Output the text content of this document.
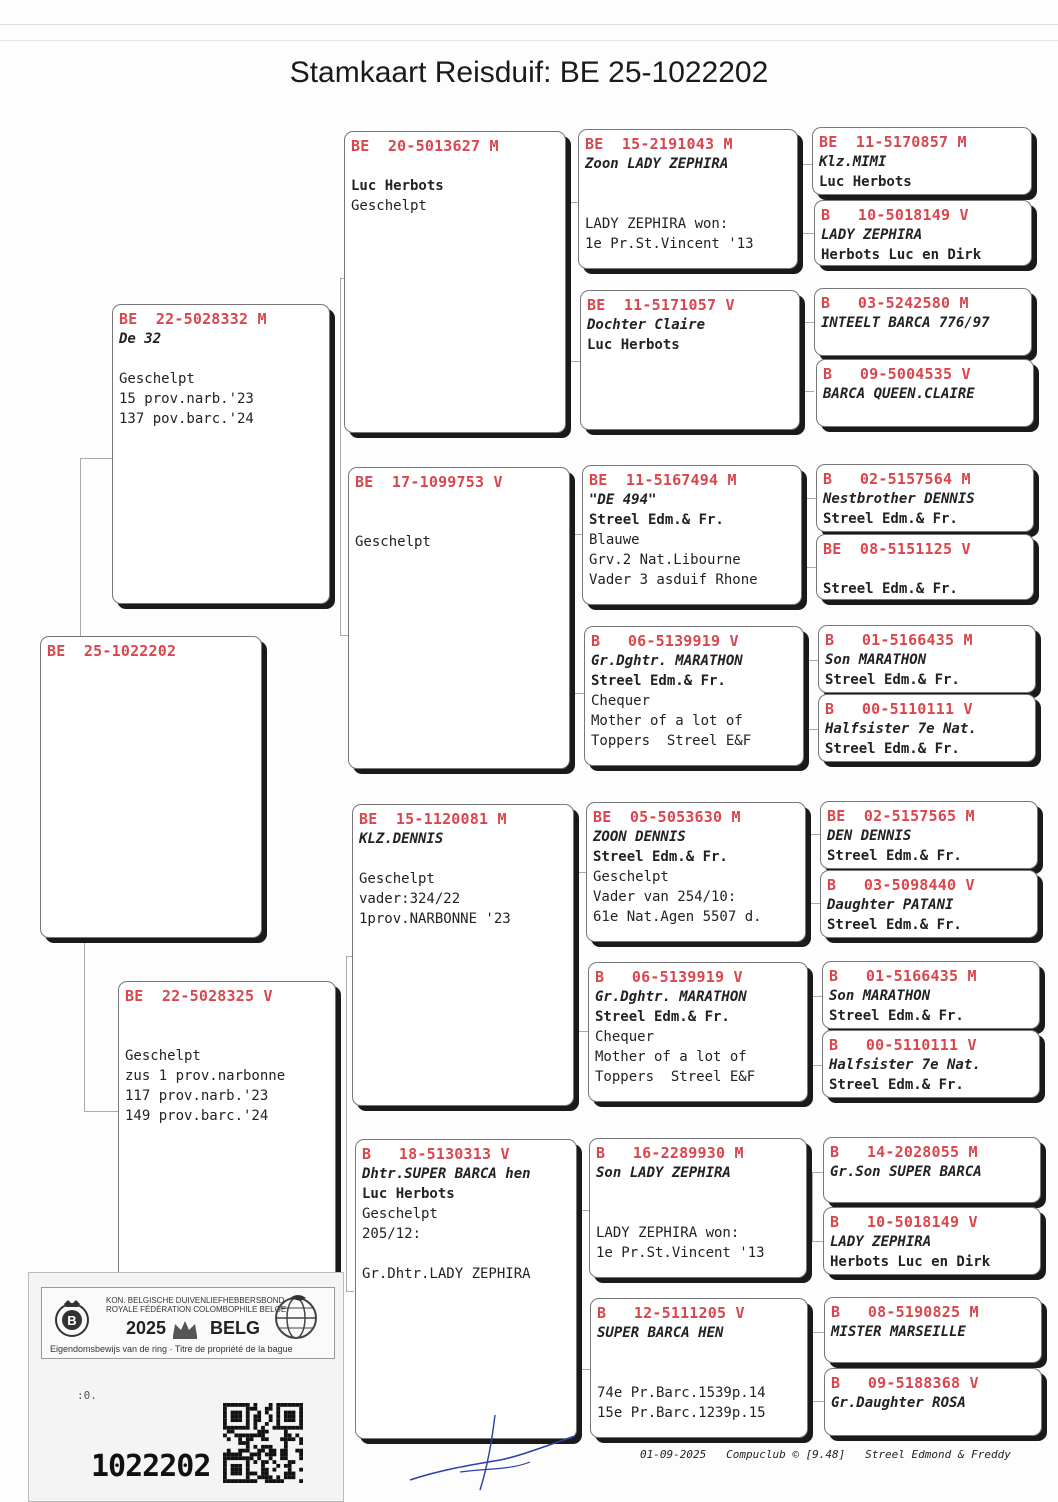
Stamkaart Reisduif: BE 25-1022202
BE  25-1022202
BE  22-5028332 M
De 32
Geschelpt
15 prov.narb.'23
137 pov.barc.'24
BE  22-5028325 V
Geschelpt
zus 1 prov.narbonne
117 prov.narb.'23
149 prov.barc.'24
BE  20-5013627 M
Luc Herbots
Geschelpt
BE  17-1099753 V
Geschelpt
BE  15-1120081 M
KLZ.DENNIS
Geschelpt
vader:324/22
1prov.NARBONNE '23
B   18-5130313 V
Dhtr.SUPER BARCA hen
Luc Herbots
Geschelpt
205/12:
Gr.Dhtr.LADY ZEPHIRA
BE  15-2191043 M
Zoon LADY ZEPHIRA
LADY ZEPHIRA won:
1e Pr.St.Vincent '13
BE  11-5171057 V
Dochter Claire
Luc Herbots
BE  11-5167494 M
"DE 494"
Streel Edm.& Fr.
Blauwe
Grv.2 Nat.Libourne
Vader 3 asduif Rhone
B   06-5139919 V
Gr.Dghtr. MARATHON
Streel Edm.& Fr.
Chequer
Mother of a lot of
Toppers  Streel E&F
BE  05-5053630 M
ZOON DENNIS
Streel Edm.& Fr.
Geschelpt
Vader van 254/10:
61e Nat.Agen 5507 d.
B   06-5139919 V
Gr.Dghtr. MARATHON
Streel Edm.& Fr.
Chequer
Mother of a lot of
Toppers  Streel E&F
B   16-2289930 M
Son LADY ZEPHIRA
LADY ZEPHIRA won:
1e Pr.St.Vincent '13
B   12-5111205 V
SUPER BARCA HEN
74e Pr.Barc.1539p.14
15e Pr.Barc.1239p.15
BE  11-5170857 M
Klz.MIMI
Luc Herbots
B   10-5018149 V
LADY ZEPHIRA
Herbots Luc en Dirk
B   03-5242580 M
INTEELT BARCA 776/97
B   09-5004535 V
BARCA QUEEN.CLAIRE
B   02-5157564 M
Nestbrother DENNIS
Streel Edm.& Fr.
BE  08-5151125 V
Streel Edm.& Fr.
B   01-5166435 M
Son MARATHON
Streel Edm.& Fr.
B   00-5110111 V
Halfsister 7e Nat.
Streel Edm.& Fr.
BE  02-5157565 M
DEN DENNIS
Streel Edm.& Fr.
B   03-5098440 V
Daughter PATANI
Streel Edm.& Fr.
B   01-5166435 M
Son MARATHON
Streel Edm.& Fr.
B   00-5110111 V
Halfsister 7e Nat.
Streel Edm.& Fr.
B   14-2028055 M
Gr.Son SUPER BARCA
B   10-5018149 V
LADY ZEPHIRA
Herbots Luc en Dirk
B   08-5190825 M
MISTER MARSEILLE
B   09-5188368 V
Gr.Daughter ROSA
B
KON. BELGISCHE DUIVENLIEFHEBBERSBOND
ROYALE FÉDÉRATION COLOMBOPHILE BELGE
2025 BELG
Eigendomsbewijs van de ring · Titre de propriété de la bague
:0.
1022202	01-09-2025   Compuclub © [9.48]   Streel Edmond & Freddy
